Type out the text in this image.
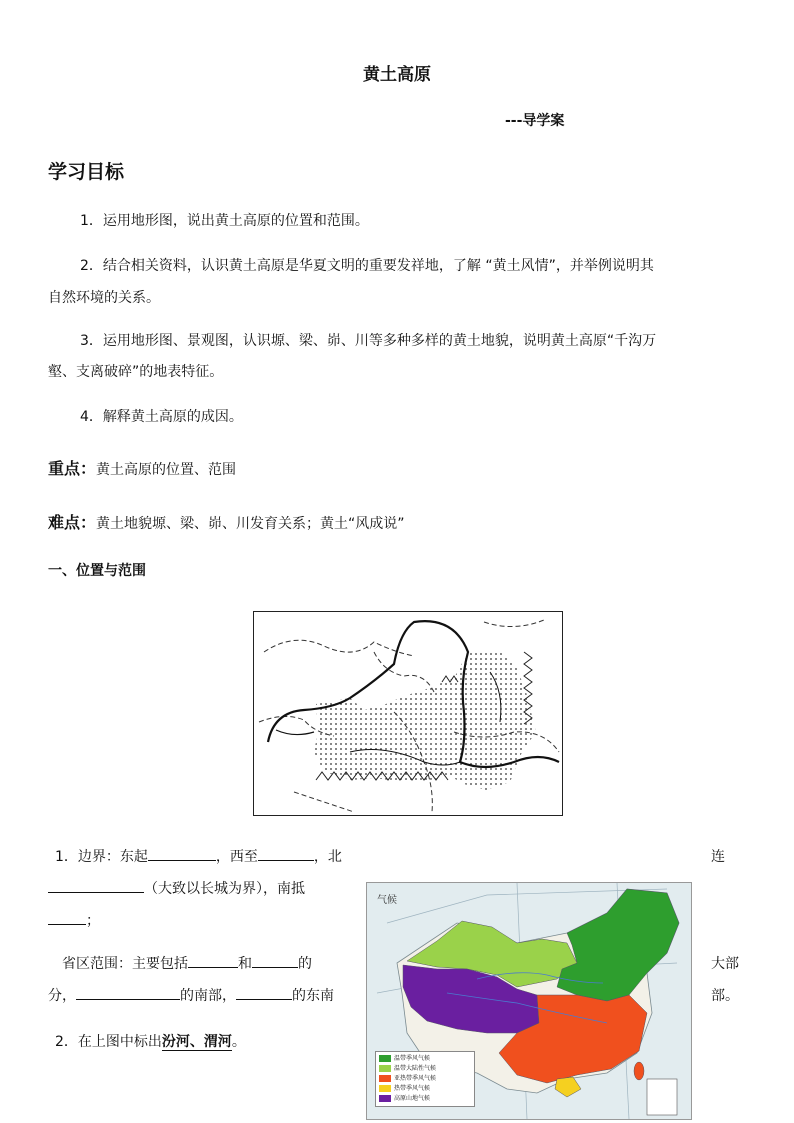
黄土高原
---导学案
学习目标
1．运用地形图，说出黄土高原的位置和范围。
2．结合相关资料，认识黄土高原是华夏文明的重要发祥地，了解 “黄土风情”，并举例说明其
自然环境的关系。
3．运用地形图、景观图，认识塬、梁、峁、川等多种多样的黄土地貌，说明黄土高原“千沟万
壑、支离破碎”的地表特征。
4．解释黄土高原的成因。
重点：黄土高原的位置、范围
难点：黄土地貌塬、梁、峁、川发育关系；黄土“风成说”
一、位置与范围
1．边界：东起	，西至	，北	连
（大致以长城为界），南抵
；
省区范围：主要包括	和	的	大部
分，	的南部，	的东南	部。
2．在上图中标出汾河、渭河。
气候
温带季风气候
温带大陆性气候
亚热带季风气候
热带季风气候
高原山地气候
